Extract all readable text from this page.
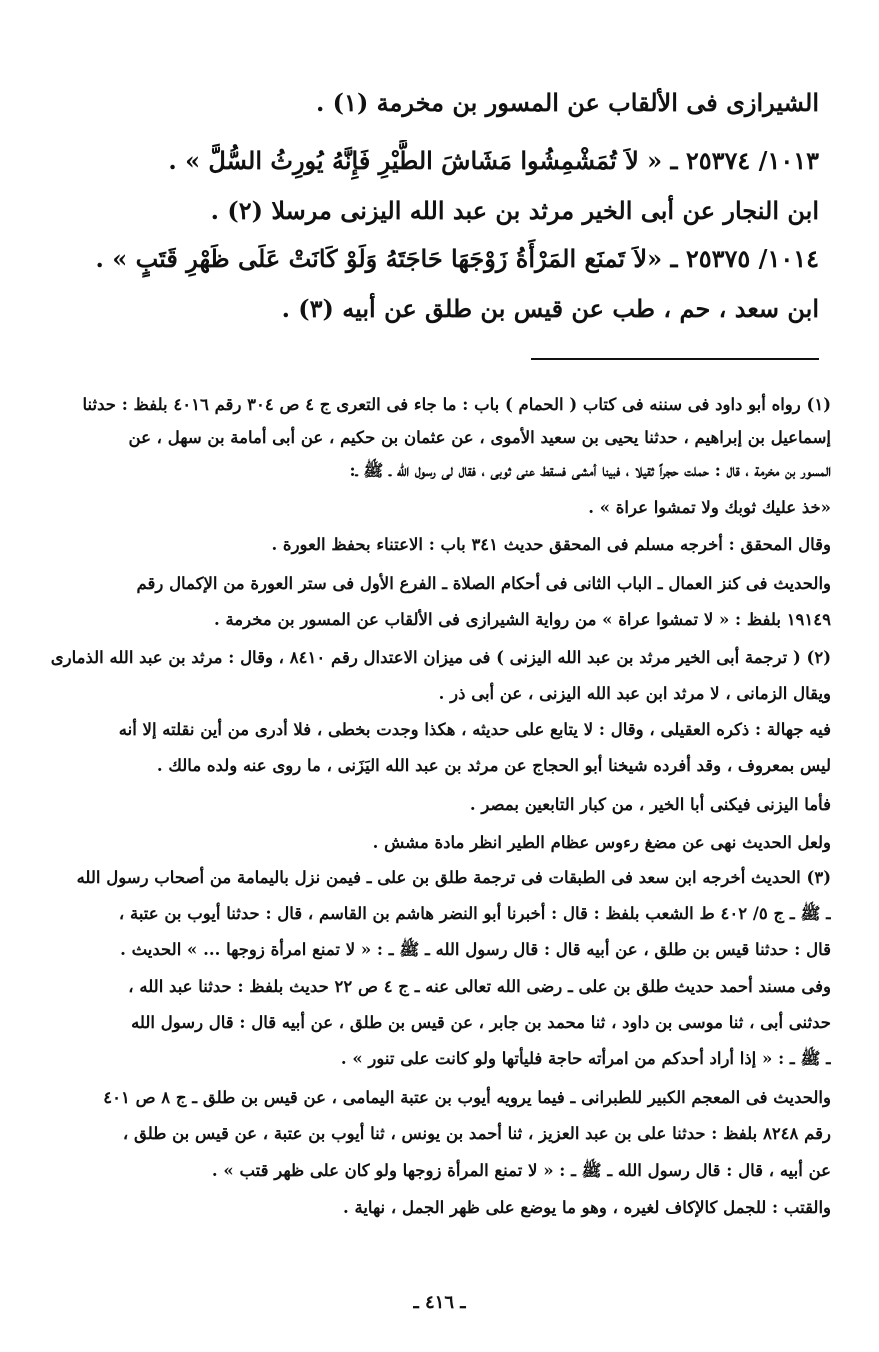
الشيرازى فى الألقاب عن المسور بن مخرمة (١) .
١٠١٣/ ٢٥٣٧٤ ـ « لاَ تُمَشْمِشُوا مَشَاشَ الطَّيْرِ فَإِنَّهُ يُورِثُ السُّلَّ » .
ابن النجار عن أبى الخير مرثد بن عبد الله اليزنى مرسلا (٢) .
١٠١٤/ ٢٥٣٧٥ ـ «لاَ تَمنَع المَرْأَةُ زَوْجَهَا حَاجَتَهُ وَلَوْ كَانَتْ عَلَى ظَهْرِ قَتَبٍ » .
ابن سعد ، حم ، طب عن قيس بن طلق عن أبيه (٣) .
(١) رواه أبو داود فى سننه فى كتاب ( الحمام ) باب : ما جاء فى التعرى ج ٤ ص ٣٠٤ رقم ٤٠١٦ بلفظ : حدثنا
إسماعيل بن إبراهيم ، حدثنا يحيى بن سعيد الأموى ، عن عثمان بن حكيم ، عن أبى أمامة بن سهل ، عن
المسور بن مخرمة ، قال : حملت حجراً ثقيلا ، فبينا أمشى فسقط عنى ثوبى ، فقال لى رسول الله ـ ﷺ ـ:
«خذ عليك ثوبك ولا تمشوا عراة » .
وقال المحقق : أخرجه مسلم فى المحقق حديث ٣٤١ باب : الاعتناء بحفظ العورة .
والحديث فى كنز العمال ـ الباب الثانى فى أحكام الصلاة ـ الفرع الأول فى ستر العورة من الإكمال رقم
١٩١٤٩ بلفظ : « لا تمشوا عراة » من رواية الشيرازى فى الألقاب عن المسور بن مخرمة .
(٢) ( ترجمة أبى الخير مرثد بن عبد الله اليزنى ) فى ميزان الاعتدال رقم ٨٤١٠ ، وقال : مرثد بن عبد الله الذمارى
ويقال الزمانى ، لا مرثد ابن عبد الله اليزنى ، عن أبى ذر .
فيه جهالة : ذكره العقيلى ، وقال : لا يتابع على حديثه ، هكذا وجدت بخطى ، فلا أدرى من أين نقلته إلا أنه
ليس بمعروف ، وقد أفرده شيخنا أبو الحجاج عن مرثد بن عبد الله اليَزَنى ، ما روى عنه ولده مالك .
فأما اليزنى فيكنى أبا الخير ، من كبار التابعين بمصر .
ولعل الحديث نهى عن مضغ رءوس عظام الطير انظر مادة مشش .
(٣) الحديث أخرجه ابن سعد فى الطبقات فى ترجمة طلق بن على ـ فيمن نزل باليمامة من أصحاب رسول الله
ـ ﷺ ـ ج ٥/ ٤٠٢ ط الشعب بلفظ : قال : أخبرنا أبو النضر هاشم بن القاسم ، قال : حدثنا أيوب بن عتبة ،
قال : حدثنا قيس بن طلق ، عن أبيه قال : قال رسول الله ـ ﷺ ـ : « لا تمنع امرأة زوجها ... » الحديث .
وفى مسند أحمد حديث طلق بن على ـ رضى الله تعالى عنه ـ ج ٤ ص ٢٢ حديث بلفظ : حدثنا عبد الله ،
حدثنى أبى ، ثنا موسى بن داود ، ثنا محمد بن جابر ، عن قيس بن طلق ، عن أبيه قال : قال رسول الله
ـ ﷺ ـ : « إذا أراد أحدكم من امرأته حاجة فليأتها ولو كانت على تنور » .
والحديث فى المعجم الكبير للطبرانى ـ فيما يرويه أيوب بن عتبة اليمامى ، عن قيس بن طلق ـ ج ٨ ص ٤٠١
رقم ٨٢٤٨ بلفظ : حدثنا على بن عبد العزيز ، ثنا أحمد بن يونس ، ثنا أيوب بن عتبة ، عن قيس بن طلق ،
عن أبيه ، قال : قال رسول الله ـ ﷺ ـ : « لا تمنع المرأة زوجها ولو كان على ظهر قتب » .
والقتب : للجمل كالإكاف لغيره ، وهو ما يوضع على ظهر الجمل ، نهاية .
ـ ٤١٦ ـ
